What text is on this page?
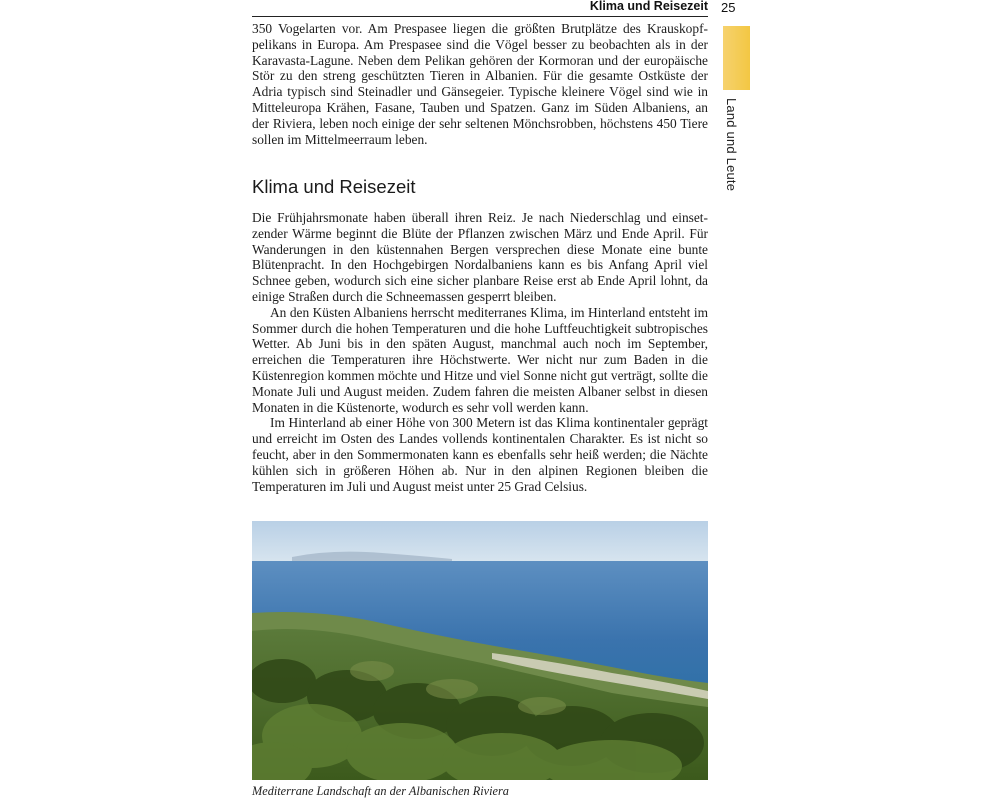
Klima und Reisezeit 25
Land und Leute

350 Vogelarten vor. Am Prespasee liegen die größten Brutplätze des Krauskopfpelikans in Europa. Am Prespasee sind die Vögel besser zu beobachten als in der Karavasta-Lagune. Neben dem Pelikan gehören der Kormoran und der europäische Stör zu den streng geschützten Tieren in Albanien. Für die gesamte Ostküste der Adria typisch sind Steinadler und Gänsegeier. Typische kleinere Vögel sind wie in Mitteleuropa Krähen, Fasane, Tauben und Spatzen. Ganz im Süden Albaniens, an der Riviera, leben noch einige der sehr seltenen Mönchsrobben, höchstens 450 Tiere sollen im Mittelmeerraum leben.

Klima und Reisezeit

Die Frühjahrsmonate haben überall ihren Reiz. Je nach Niederschlag und einsetzender Wärme beginnt die Blüte der Pflanzen zwischen März und Ende April. Für Wanderungen in den küstennahen Bergen versprechen diese Monate eine bunte Blütenpracht. In den Hochgebirgen Nordalbaniens kann es bis Anfang April viel Schnee geben, wodurch sich eine sicher planbare Reise erst ab Ende April lohnt, da einige Straßen durch die Schneemassen gesperrt bleiben.

An den Küsten Albaniens herrscht mediterranes Klima, im Hinterland entsteht im Sommer durch die hohen Temperaturen und die hohe Luftfeuchtigkeit subtropisches Wetter. Ab Juni bis in den späten August, manchmal auch noch im September, erreichen die Temperaturen ihre Höchstwerte. Wer nicht nur zum Baden in die Küstenregion kommen möchte und Hitze und viel Sonne nicht gut verträgt, sollte die Monate Juli und August meiden. Zudem fahren die meisten Albaner selbst in diesen Monaten in die Küstenorte, wodurch es sehr voll werden kann.

Im Hinterland ab einer Höhe von 300 Metern ist das Klima kontinentaler geprägt und erreicht im Osten des Landes vollends kontinentalen Charakter. Es ist nicht so feucht, aber in den Sommermonaten kann es ebenfalls sehr heiß werden; die Nächte kühlen sich in größeren Höhen ab. Nur in den alpinen Regionen bleiben die Temperaturen im Juli und August meist unter 25 Grad Celsius.

Mediterrane Landschaft an der Albanischen Riviera
